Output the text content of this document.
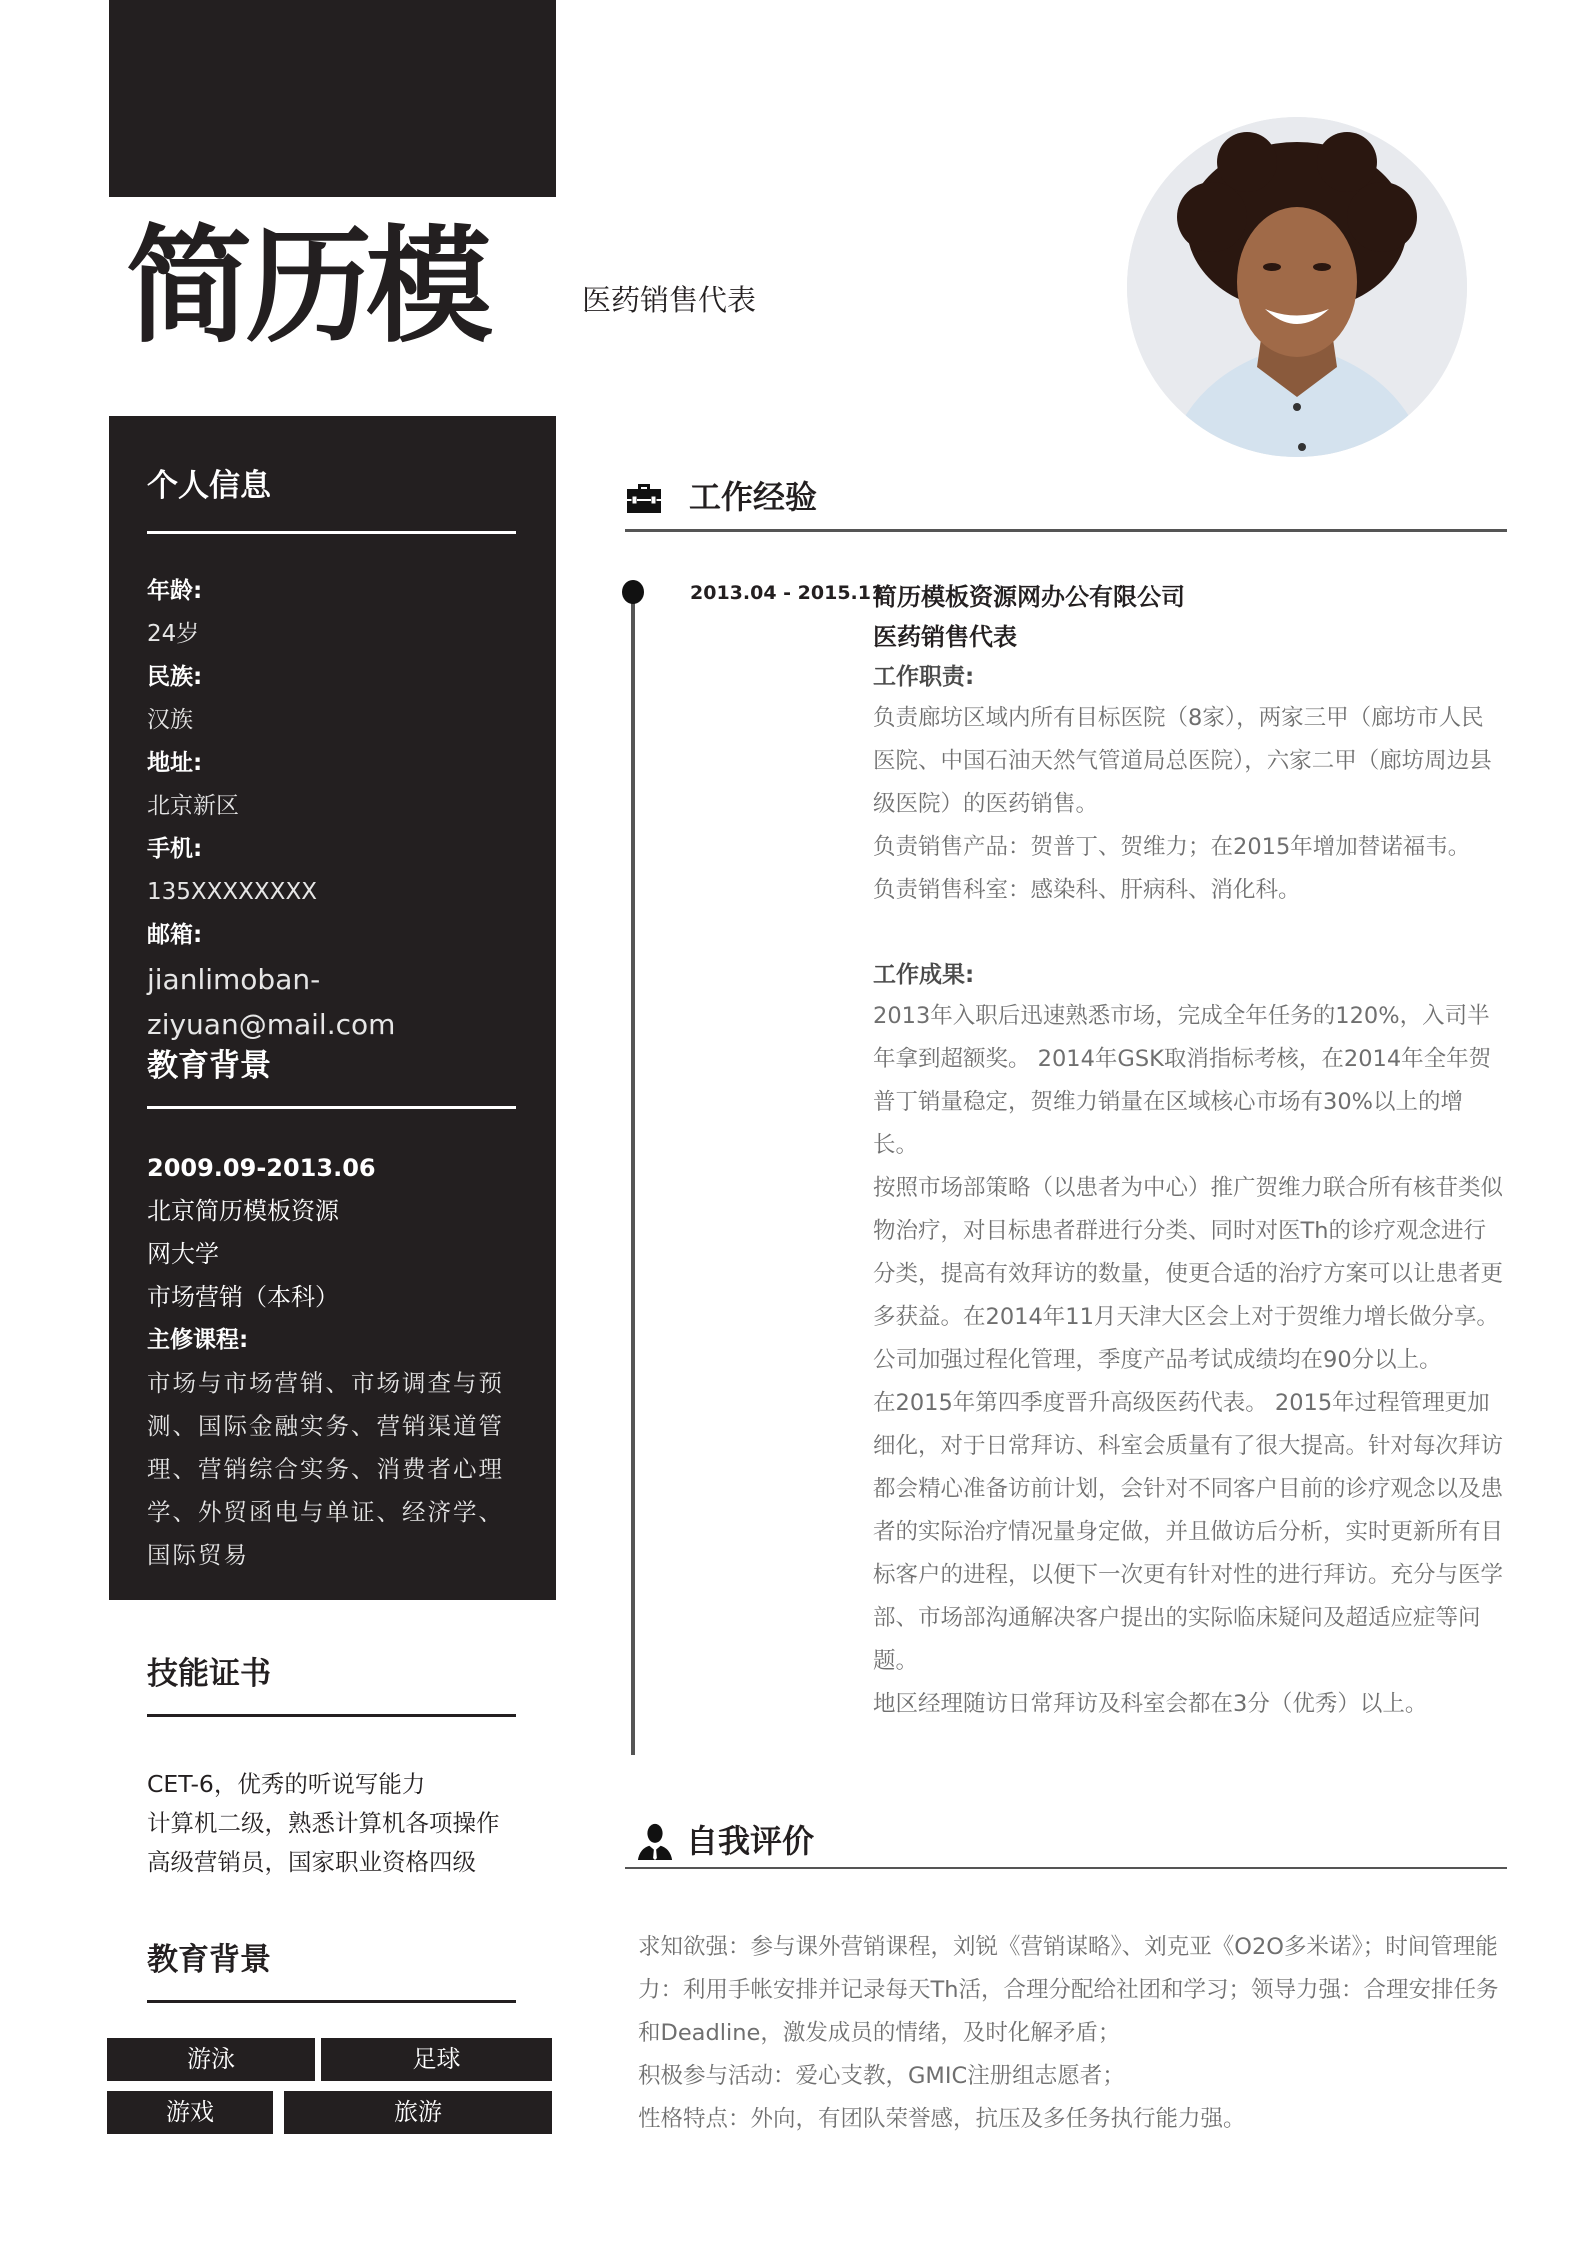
简历模	医药销售代表
个人信息
年龄:
24岁
民族:
汉族
地址:
北京新区
手机:
135XXXXXXXX
邮箱:
jianlimoban-ziyuan@mail.com
教育背景
2009.09-2013.06
北京简历模板资源
网大学
市场营销（本科）
主修课程:
市场与市场营销、市场调查与预测、国际金融实务、营销渠道管理、营销综合实务、消费者心理学、外贸函电与单证、经济学、国际贸易
技能证书
CET-6，优秀的听说写能力
计算机二级，熟悉计算机各项操作
高级营销员，国家职业资格四级
教育背景
游泳	足球
游戏	旅游
工作经验
2013.04 - 2015.11
简历模板资源网办公有限公司
医药销售代表
工作职责:
负责廊坊区域内所有目标医院（8家），两家三甲（廊坊市人民医院、中国石油天然气管道局总医院），六家二甲（廊坊周边县级医院）的医药销售。
负责销售产品：贺普丁、贺维力；在2015年增加替诺福韦。
负责销售科室：感染科、肝病科、消化科。
工作成果:
2013年入职后迅速熟悉市场，完成全年任务的120%，入司半年拿到超额奖。 2014年GSK取消指标考核，在2014年全年贺普丁销量稳定，贺维力销量在区域核心市场有30%以上的增长。
按照市场部策略（以患者为中心）推广贺维力联合所有核苷类似物治疗，对目标患者群进行分类、同时对医Th的诊疗观念进行分类，提高有效拜访的数量，使更合适的治疗方案可以让患者更多获益。在2014年11月天津大区会上对于贺维力增长做分享。公司加强过程化管理，季度产品考试成绩均在90分以上。
在2015年第四季度晋升高级医药代表。 2015年过程管理更加细化，对于日常拜访、科室会质量有了很大提高。针对每次拜访都会精心准备访前计划，会针对不同客户目前的诊疗观念以及患者的实际治疗情况量身定做，并且做访后分析，实时更新所有目标客户的进程，以便下一次更有针对性的进行拜访。充分与医学部、市场部沟通解决客户提出的实际临床疑问及超适应症等问题。
地区经理随访日常拜访及科室会都在3分（优秀）以上。
自我评价
求知欲强：参与课外营销课程，刘锐《营销谋略》、刘克亚《O2O多米诺》；时间管理能力：利用手帐安排并记录每天Th活，合理分配给社团和学习；领导力强：合理安排任务和Deadline，激发成员的情绪，及时化解矛盾；
积极参与活动：爱心支教，GMIC注册组志愿者；
性格特点：外向，有团队荣誉感，抗压及多任务执行能力强。
